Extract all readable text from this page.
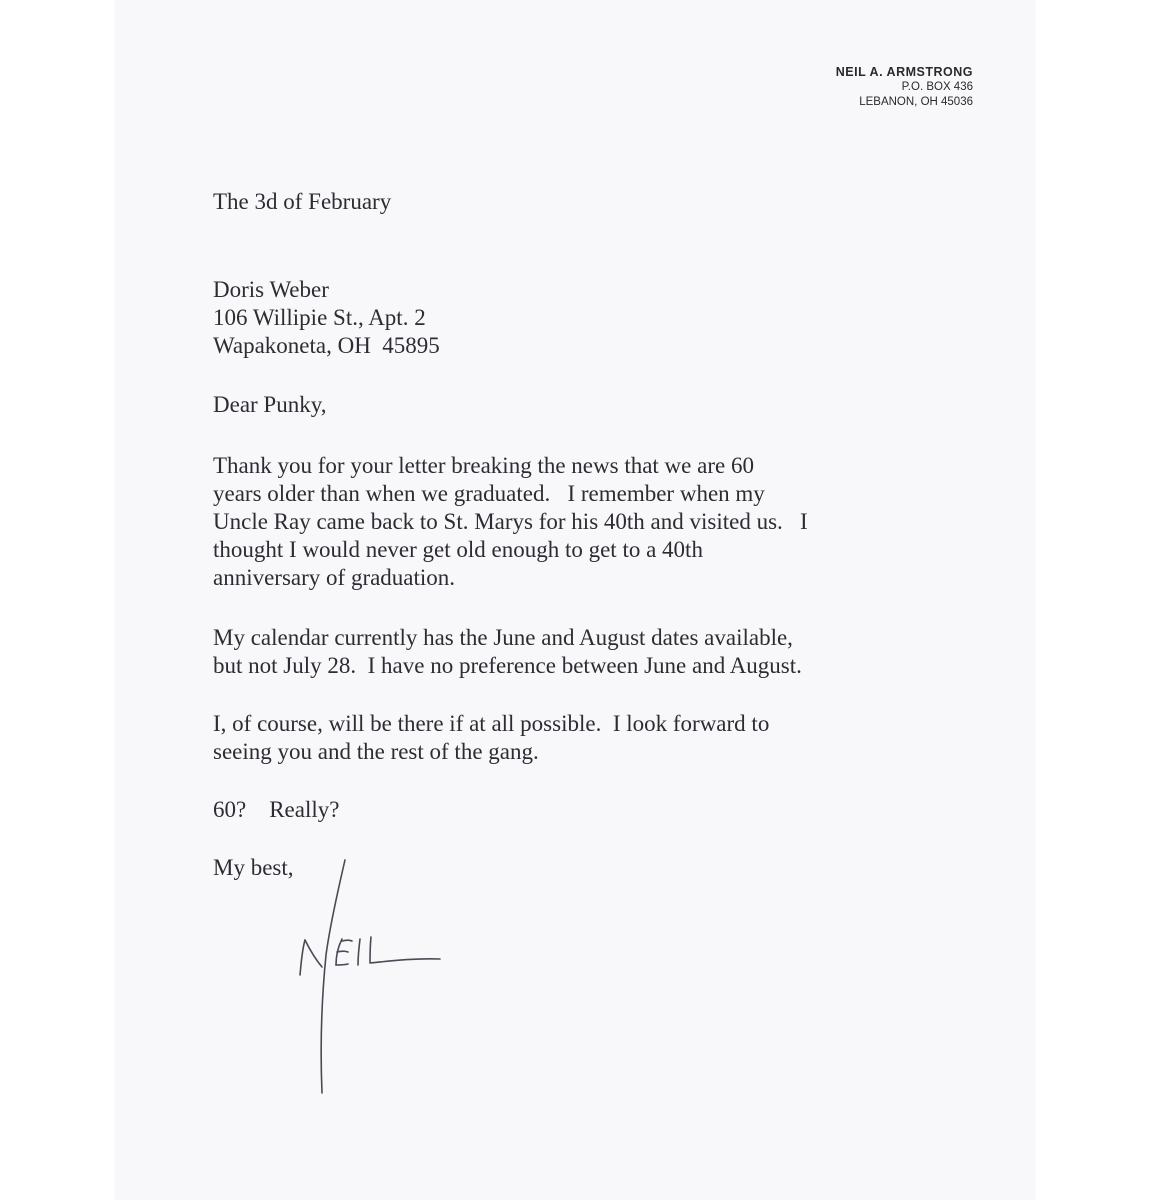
NEIL A. ARMSTRONG
P.O. BOX 436
LEBANON, OH 45036
The 3d of February
Doris Weber
106 Willipie St., Apt. 2
Wapakoneta, OH  45895
Dear Punky,
Thank you for your letter breaking the news that we are 60
years older than when we graduated.   I remember when my
Uncle Ray came back to St. Marys for his 40th and visited us.   I
thought I would never get old enough to get to a 40th
anniversary of graduation.
My calendar currently has the June and August dates available,
but not July 28.  I have no preference between June and August.
I, of course, will be there if at all possible.  I look forward to
seeing you and the rest of the gang.
60?    Really?
My best,
